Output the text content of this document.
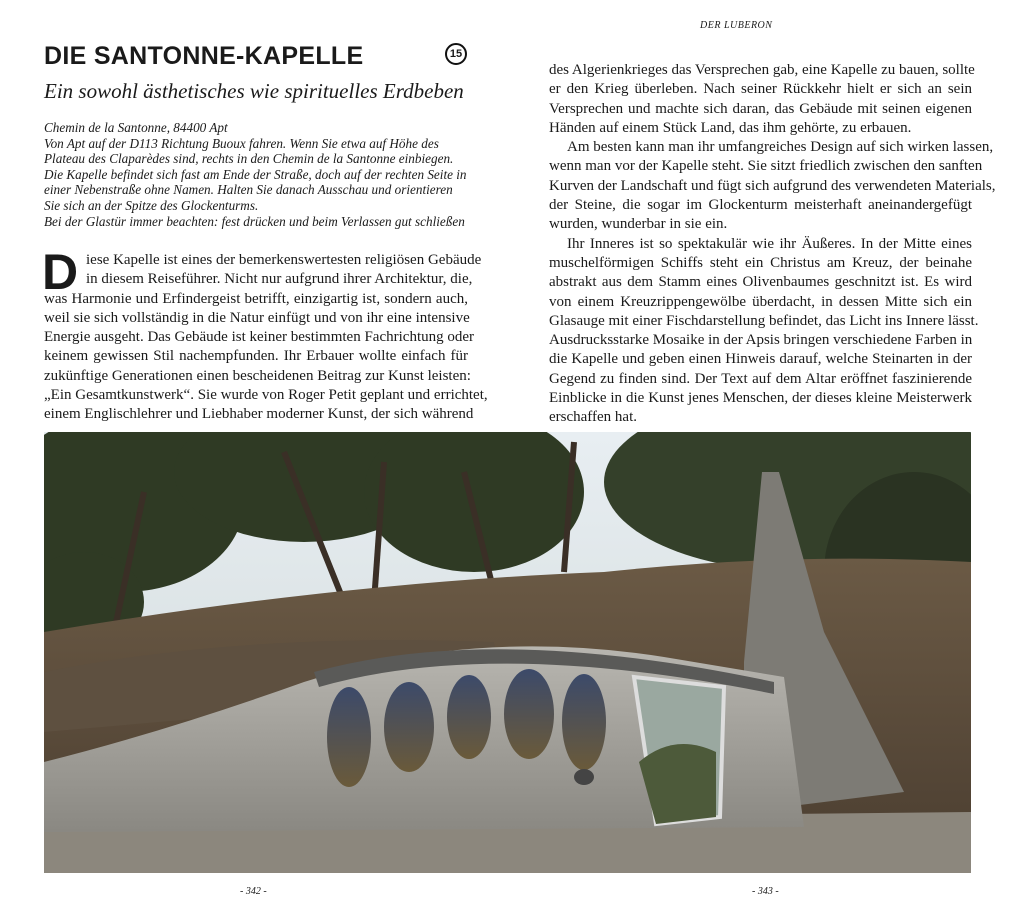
DER LUBERON
DIE SANTONNE-KAPELLE	15
Ein sowohl ästhetisches wie spirituelles Erdbeben
Chemin de la Santonne, 84400 Apt
Von Apt auf der D113 Richtung Buoux fahren. Wenn Sie etwa auf Höhe des
Plateau des Claparèdes sind, rechts in den Chemin de la Santonne einbiegen.
Die Kapelle befindet sich fast am Ende der Straße, doch auf der rechten Seite in
einer Nebenstraße ohne Namen. Halten Sie danach Ausschau und orientieren
Sie sich an der Spitze des Glockenturms.
Bei der Glastür immer beachten: fest drücken und beim Verlassen gut schließen
D iese Kapelle ist eines der bemerkenswertesten religiösen Gebäude
in diesem Reiseführer. Nicht nur aufgrund ihrer Architektur, die,
was Harmonie und Erfindergeist betrifft, einzigartig ist, sondern auch,
weil sie sich vollständig in die Natur einfügt und von ihr eine intensive
Energie ausgeht. Das Gebäude ist keiner bestimmten Fachrichtung oder
keinem gewissen Stil nachempfunden. Ihr Erbauer wollte einfach für
zukünftige Generationen einen bescheidenen Beitrag zur Kunst leisten:
„Ein Gesamtkunstwerk“. Sie wurde von Roger Petit geplant und errichtet,
einem Englischlehrer und Liebhaber moderner Kunst, der sich während
des Algerienkrieges das Versprechen gab, eine Kapelle zu bauen, sollte
er den Krieg überleben. Nach seiner Rückkehr hielt er sich an sein
Versprechen und machte sich daran, das Gebäude mit seinen eigenen
Händen auf einem Stück Land, das ihm gehörte, zu erbauen.
Am besten kann man ihr umfangreiches Design auf sich wirken lassen,
wenn man vor der Kapelle steht. Sie sitzt friedlich zwischen den sanften
Kurven der Landschaft und fügt sich aufgrund des verwendeten Materials,
der Steine, die sogar im Glockenturm meisterhaft aneinandergefügt
wurden, wunderbar in sie ein.
Ihr Inneres ist so spektakulär wie ihr Äußeres. In der Mitte eines
muschelförmigen Schiffs steht ein Christus am Kreuz, der beinahe
abstrakt aus dem Stamm eines Olivenbaumes geschnitzt ist. Es wird
von einem Kreuzrippengewölbe überdacht, in dessen Mitte sich ein
Glasauge mit einer Fischdarstellung befindet, das Licht ins Innere lässt.
Ausdrucksstarke Mosaike in der Apsis bringen verschiedene Farben in
die Kapelle und geben einen Hinweis darauf, welche Steinarten in der
Gegend zu finden sind. Der Text auf dem Altar eröffnet faszinierende
Einblicke in die Kunst jenes Menschen, der dieses kleine Meisterwerk
erschaffen hat.
- 342 -	- 343 -
